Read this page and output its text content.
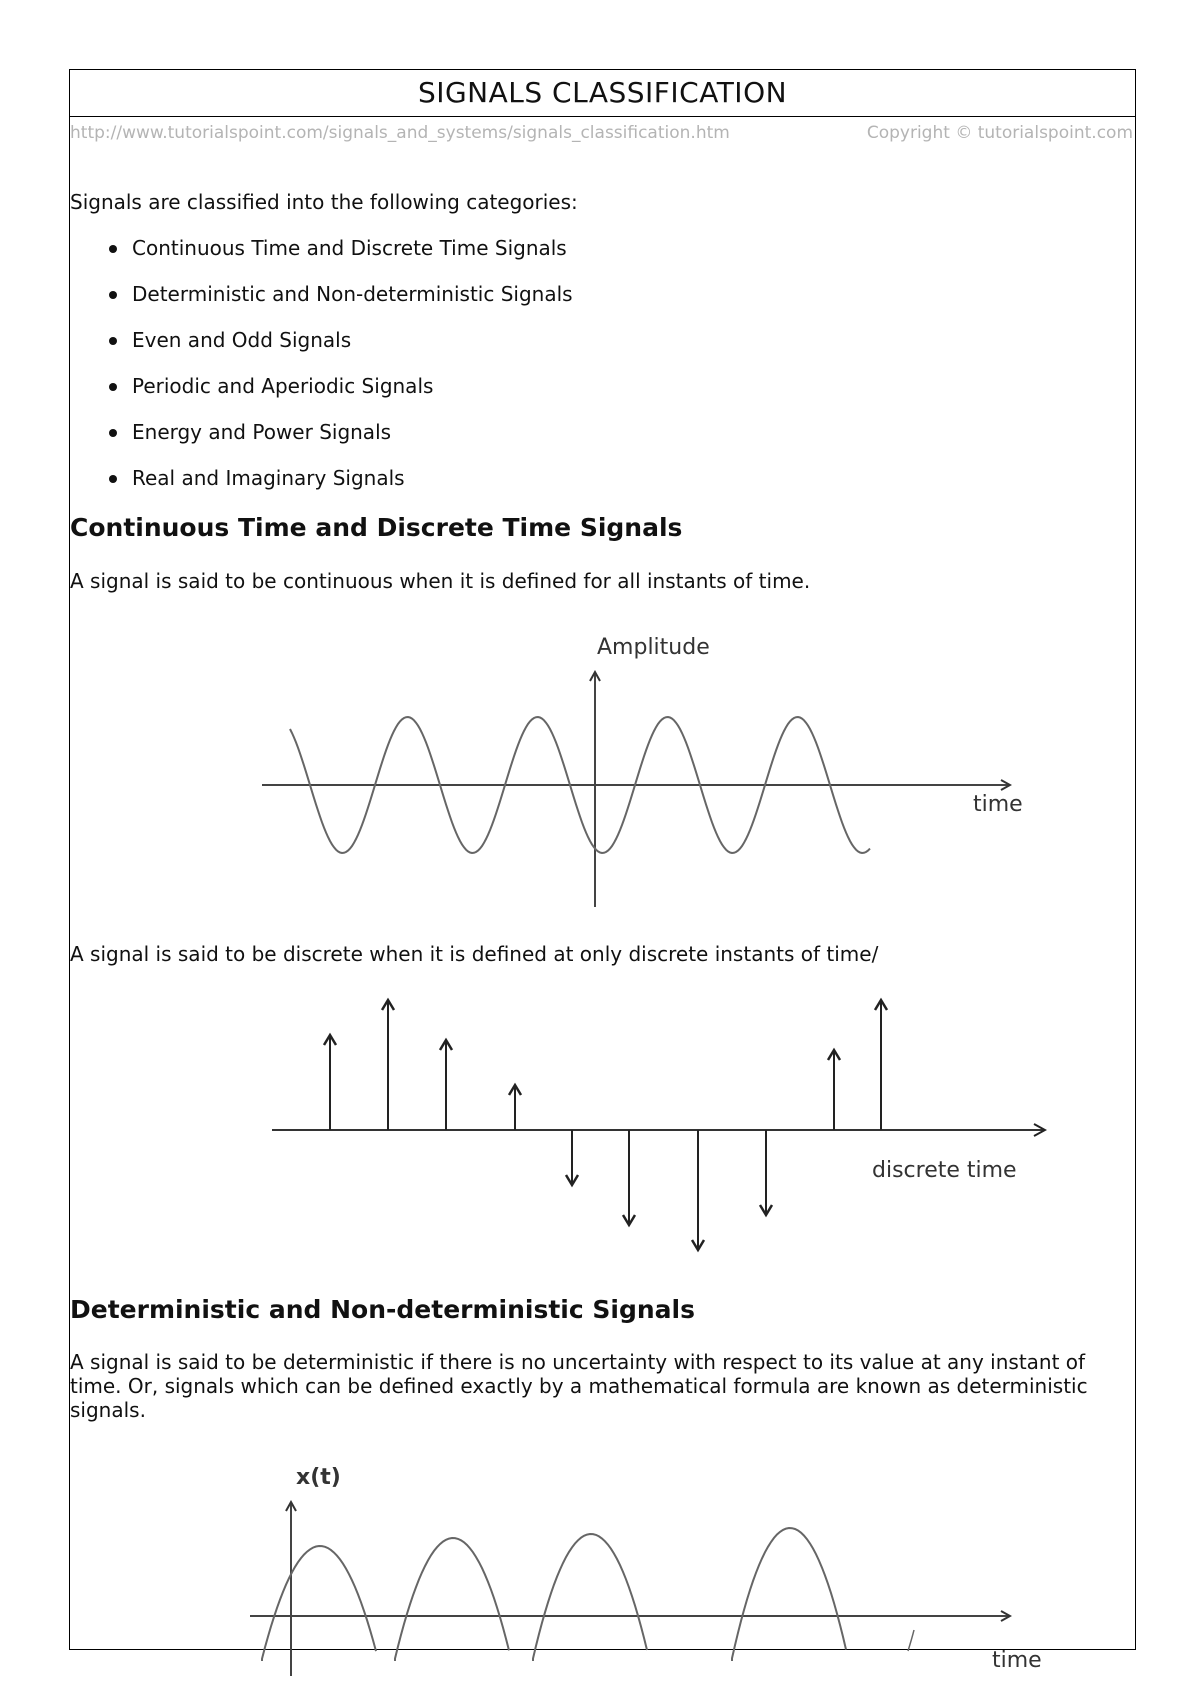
SIGNALS CLASSIFICATION
http://www.tutorialspoint.com/signals_and_systems/signals_classification.htm	Copyright © tutorialspoint.com
Signals are classified into the following categories:
Continuous Time and Discrete Time Signals
Deterministic and Non-deterministic Signals
Even and Odd Signals
Periodic and Aperiodic Signals
Energy and Power Signals
Real and Imaginary Signals
Continuous Time and Discrete Time Signals
A signal is said to be continuous when it is defined for all instants of time.
Amplitude
time
A signal is said to be discrete when it is defined at only discrete instants of time/
discrete time
Deterministic and Non-deterministic Signals
A signal is said to be deterministic if there is no uncertainty with respect to its value at any instant of time. Or, signals which can be defined exactly by a mathematical formula are known as deterministic signals.
x(t)
time
